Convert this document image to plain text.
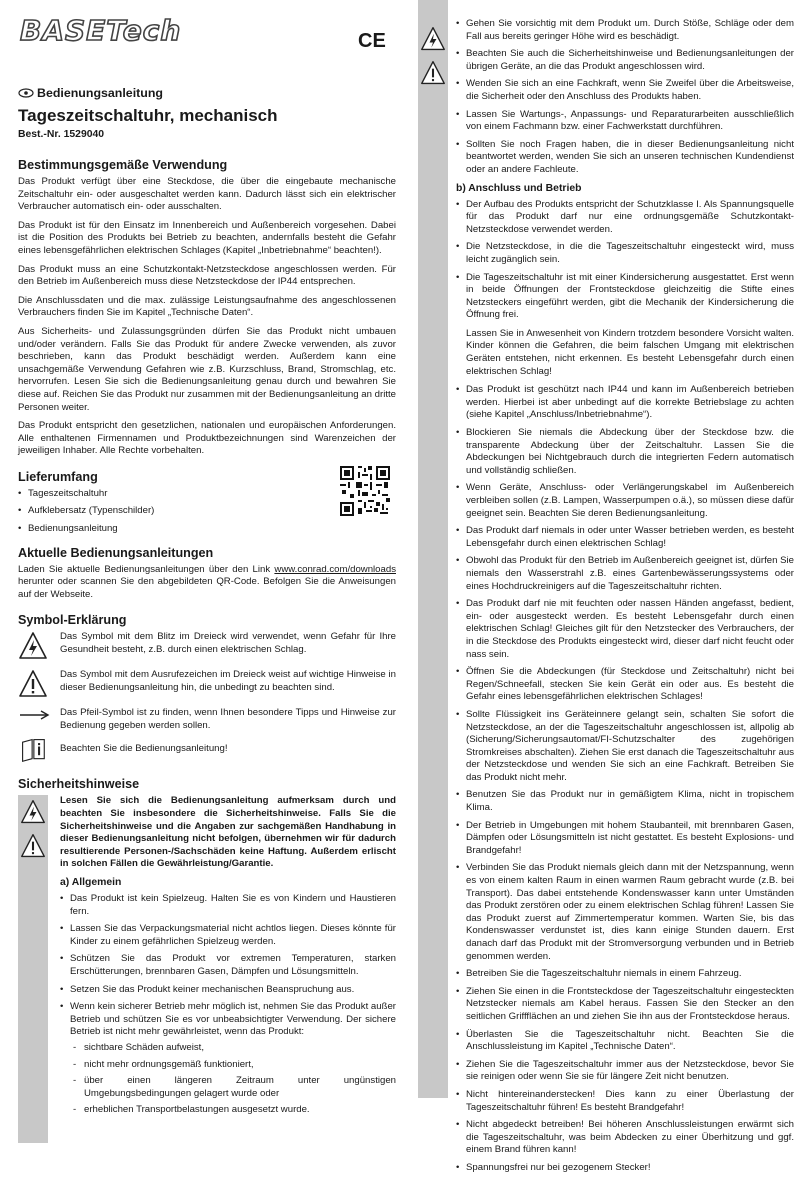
BASETech	CE
Bedienungsanleitung
Tageszeitschaltuhr, mechanisch
Best.-Nr. 1529040
Bestimmungsgemäße Verwendung

Das Produkt verfügt über eine Steckdose, die über die eingebaute mechanische Zeitschaltuhr ein- oder ausgeschaltet werden kann. Dadurch lässt sich ein elektrischer Verbraucher automatisch ein- oder ausschalten.

Das Produkt ist für den Einsatz im Innenbereich und Außenbereich vorgesehen. Dabei ist die Position des Produkts bei Betrieb zu beachten, andernfalls besteht die Gefahr eines lebensgefährlichen elektrischen Schlages (Kapitel „Inbetriebnahme“ beachten!).

Das Produkt muss an eine Schutzkontakt-Netzsteckdose angeschlossen werden. Für den Betrieb im Außenbereich muss diese Netzsteckdose der IP44 entsprechen.

Die Anschlussdaten und die max. zulässige Leistungsaufnahme des angeschlossenen Verbrauchers finden Sie im Kapitel „Technische Daten“.

Aus Sicherheits- und Zulassungsgründen dürfen Sie das Produkt nicht umbauen und/oder verändern. Falls Sie das Produkt für andere Zwecke verwenden, als zuvor beschrieben, kann das Produkt beschädigt werden. Außerdem kann eine unsachgemäße Verwendung Gefahren wie z.B. Kurzschluss, Brand, Stromschlag, etc. hervorrufen. Lesen Sie sich die Bedienungsanleitung genau durch und bewahren Sie diese auf. Reichen Sie das Produkt nur zusammen mit der Bedienungsanleitung an dritte Personen weiter.

Das Produkt entspricht den gesetzlichen, nationalen und europäischen Anforderungen. Alle enthaltenen Firmennamen und Produktbezeichnungen sind Warenzeichen der jeweiligen Inhaber. Alle Rechte vorbehalten.

Lieferumfang
• Tageszeitschaltuhr
• Aufklebersatz (Typenschilder)
• Bedienungsanleitung
Aktuelle Bedienungsanleitungen

Laden Sie aktuelle Bedienungsanleitungen über den Link www.conrad.com/downloads herunter oder scannen Sie den abgebildeten QR-Code. Befolgen Sie die Anweisungen auf der Webseite.

Symbol-Erklärung

Das Symbol mit dem Blitz im Dreieck wird verwendet, wenn Gefahr für Ihre Gesundheit besteht, z.B. durch einen elektrischen Schlag.

Das Symbol mit dem Ausrufezeichen im Dreieck weist auf wichtige Hinweise in dieser Bedienungsanleitung hin, die unbedingt zu beachten sind.

Das Pfeil-Symbol ist zu finden, wenn Ihnen besondere Tipps und Hinweise zur Bedienung gegeben werden sollen.

Beachten Sie die Bedienungsanleitung!

Sicherheitshinweise

Lesen Sie sich die Bedienungsanleitung aufmerksam durch und beachten Sie insbesondere die Sicherheitshinweise. Falls Sie die Sicherheitshinweise und die Angaben zur sachgemäßen Handhabung in dieser Bedienungsanleitung nicht befolgen, übernehmen wir für dadurch resultierende Personen-/Sachschäden keine Haftung. Außerdem erlischt in solchen Fällen die Gewährleistung/Garantie.

a) Allgemein
• Das Produkt ist kein Spielzeug. Halten Sie es von Kindern und Haustieren fern.
• Lassen Sie das Verpackungsmaterial nicht achtlos liegen. Dieses könnte für Kinder zu einem gefährlichen Spielzeug werden.
• Schützen Sie das Produkt vor extremen Temperaturen, starken Erschütterungen, brennbaren Gasen, Dämpfen und Lösungsmitteln.
• Setzen Sie das Produkt keiner mechanischen Beanspruchung aus.
• Wenn kein sicherer Betrieb mehr möglich ist, nehmen Sie das Produkt außer Betrieb und schützen Sie es vor unbeabsichtigter Verwendung. Der sichere Betrieb ist nicht mehr gewährleistet, wenn das Produkt:
- sichtbare Schäden aufweist,
- nicht mehr ordnungsgemäß funktioniert,
- über einen längeren Zeitraum unter ungünstigen Umgebungsbedingungen gelagert wurde oder
- erheblichen Transportbelastungen ausgesetzt wurde.
• Gehen Sie vorsichtig mit dem Produkt um. Durch Stöße, Schläge oder dem Fall aus bereits geringer Höhe wird es beschädigt.
• Beachten Sie auch die Sicherheitshinweise und Bedienungsanleitungen der übrigen Geräte, an die das Produkt angeschlossen wird.
• Wenden Sie sich an eine Fachkraft, wenn Sie Zweifel über die Arbeitsweise, die Sicherheit oder den Anschluss des Produkts haben.
• Lassen Sie Wartungs-, Anpassungs- und Reparaturarbeiten ausschließlich von einem Fachmann bzw. einer Fachwerkstatt durchführen.
• Sollten Sie noch Fragen haben, die in dieser Bedienungsanleitung nicht beantwortet werden, wenden Sie sich an unseren technischen Kundendienst oder an andere Fachleute.
b) Anschluss und Betrieb
• Der Aufbau des Produkts entspricht der Schutzklasse I. Als Spannungsquelle für das Produkt darf nur eine ordnungsgemäße Schutzkontakt-Netzsteckdose verwendet werden.
• Die Netzsteckdose, in die die Tageszeitschaltuhr eingesteckt wird, muss leicht zugänglich sein.
• Die Tageszeitschaltuhr ist mit einer Kindersicherung ausgestattet. Erst wenn in beide Öffnungen der Frontsteckdose gleichzeitig die Stifte eines Netzsteckers eingeführt werden, gibt die Mechanik der Kindersicherung die Öffnung frei.

Lassen Sie in Anwesenheit von Kindern trotzdem besondere Vorsicht walten. Kinder können die Gefahren, die beim falschen Umgang mit elektrischen Geräten entstehen, nicht erkennen. Es besteht Lebensgefahr durch einen elektrischen Schlag!

• Das Produkt ist geschützt nach IP44 und kann im Außenbereich betrieben werden. Hierbei ist aber unbedingt auf die korrekte Betriebslage zu achten (siehe Kapitel „Anschluss/Inbetriebnahme“).
• Blockieren Sie niemals die Abdeckung über der Steckdose bzw. die transparente Abdeckung über der Zeitschaltuhr. Lassen Sie die Abdeckungen bei Nichtgebrauch durch die integrierten Federn automatisch und vollständig schließen.
• Wenn Geräte, Anschluss- oder Verlängerungskabel im Außenbereich verbleiben sollen (z.B. Lampen, Wasserpumpen o.ä.), so müssen diese dafür geeignet sein. Beachten Sie deren Bedienungsanleitung.
• Das Produkt darf niemals in oder unter Wasser betrieben werden, es besteht Lebensgefahr durch einen elektrischen Schlag!
• Obwohl das Produkt für den Betrieb im Außenbereich geeignet ist, dürfen Sie niemals den Wasserstrahl z.B. eines Gartenbewässerungssystems oder eines Hochdruckreinigers auf die Tageszeitschaltuhr richten.
• Das Produkt darf nie mit feuchten oder nassen Händen angefasst, bedient, ein- oder ausgesteckt werden. Es besteht Lebensgefahr durch einen elektrischen Schlag! Gleiches gilt für den Netzstecker des Verbrauchers, der in die Steckdose des Produkts eingesteckt wird, dieser darf nicht feucht oder nass sein.
• Öffnen Sie die Abdeckungen (für Steckdose und Zeitschaltuhr) nicht bei Regen/Schneefall, stecken Sie kein Gerät ein oder aus. Es besteht die Gefahr eines lebensgefährlichen elektrischen Schlages!
• Sollte Flüssigkeit ins Geräteinnere gelangt sein, schalten Sie sofort die Netzsteckdose, an der die Tageszeitschaltuhr angeschlossen ist, allpolig ab (Sicherung/Sicherungsautomat/FI-Schutzschalter des zugehörigen Stromkreises abschalten). Ziehen Sie erst danach die Tageszeitschaltuhr aus der Netzsteckdose und wenden Sie sich an eine Fachkraft. Betreiben Sie das Produkt nicht mehr.
• Benutzen Sie das Produkt nur in gemäßigtem Klima, nicht in tropischem Klima.
• Der Betrieb in Umgebungen mit hohem Staubanteil, mit brennbaren Gasen, Dämpfen oder Lösungsmitteln ist nicht gestattet. Es besteht Explosions- und Brandgefahr!
• Verbinden Sie das Produkt niemals gleich dann mit der Netzspannung, wenn es von einem kalten Raum in einen warmen Raum gebracht wurde (z.B. bei Transport). Das dabei entstehende Kondenswasser kann unter Umständen das Produkt zerstören oder zu einem elektrischen Schlag führen! Lassen Sie das Produkt zuerst auf Zimmertemperatur kommen. Warten Sie, bis das Kondenswasser verdunstet ist, dies kann einige Stunden dauern. Erst danach darf das Produkt mit der Stromversorgung verbunden und in Betrieb genommen werden.
• Betreiben Sie die Tageszeitschaltuhr niemals in einem Fahrzeug.
• Ziehen Sie einen in die Frontsteckdose der Tageszeitschaltuhr eingesteckten Netzstecker niemals am Kabel heraus. Fassen Sie den Stecker an den seitlichen Griffflächen an und ziehen Sie ihn aus der Frontsteckdose heraus.
• Überlasten Sie die Tageszeitschaltuhr nicht. Beachten Sie die Anschlussleistung im Kapitel „Technische Daten“.
• Ziehen Sie die Tageszeitschaltuhr immer aus der Netzsteckdose, bevor Sie sie reinigen oder wenn Sie sie für längere Zeit nicht benutzen.
• Nicht hintereinanderstecken! Dies kann zu einer Überlastung der Tageszeitschaltuhr führen! Es besteht Brandgefahr!
• Nicht abgedeckt betreiben! Bei höheren Anschlussleistungen erwärmt sich die Tageszeitschaltuhr, was beim Abdecken zu einer Überhitzung und ggf. einem Brand führen kann!
• Spannungsfrei nur bei gezogenem Stecker!
